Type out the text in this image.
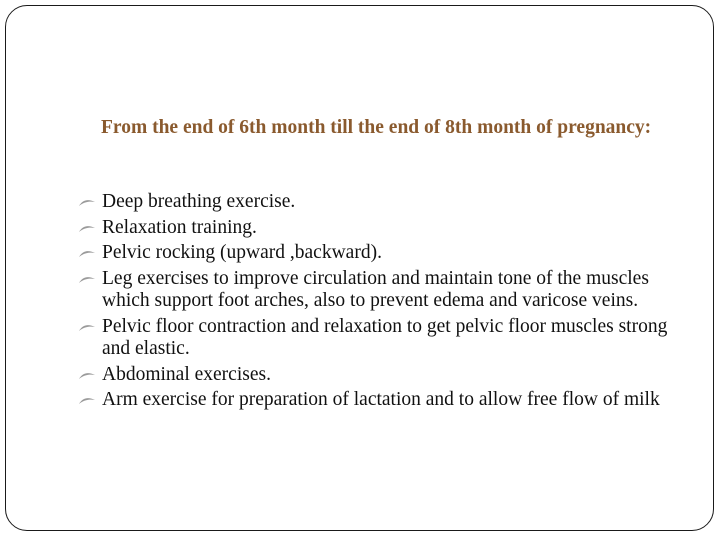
From the end of 6th month till the end of 8th month of pregnancy:

Deep breathing exercise.
Relaxation training.
Pelvic rocking (upward ,backward).
Leg exercises to improve circulation and maintain tone of the muscles which support foot arches, also to prevent edema and varicose veins.
Pelvic floor contraction and relaxation to get pelvic floor muscles strong and elastic.
Abdominal exercises.
Arm exercise for preparation of lactation and to allow free flow of milk
